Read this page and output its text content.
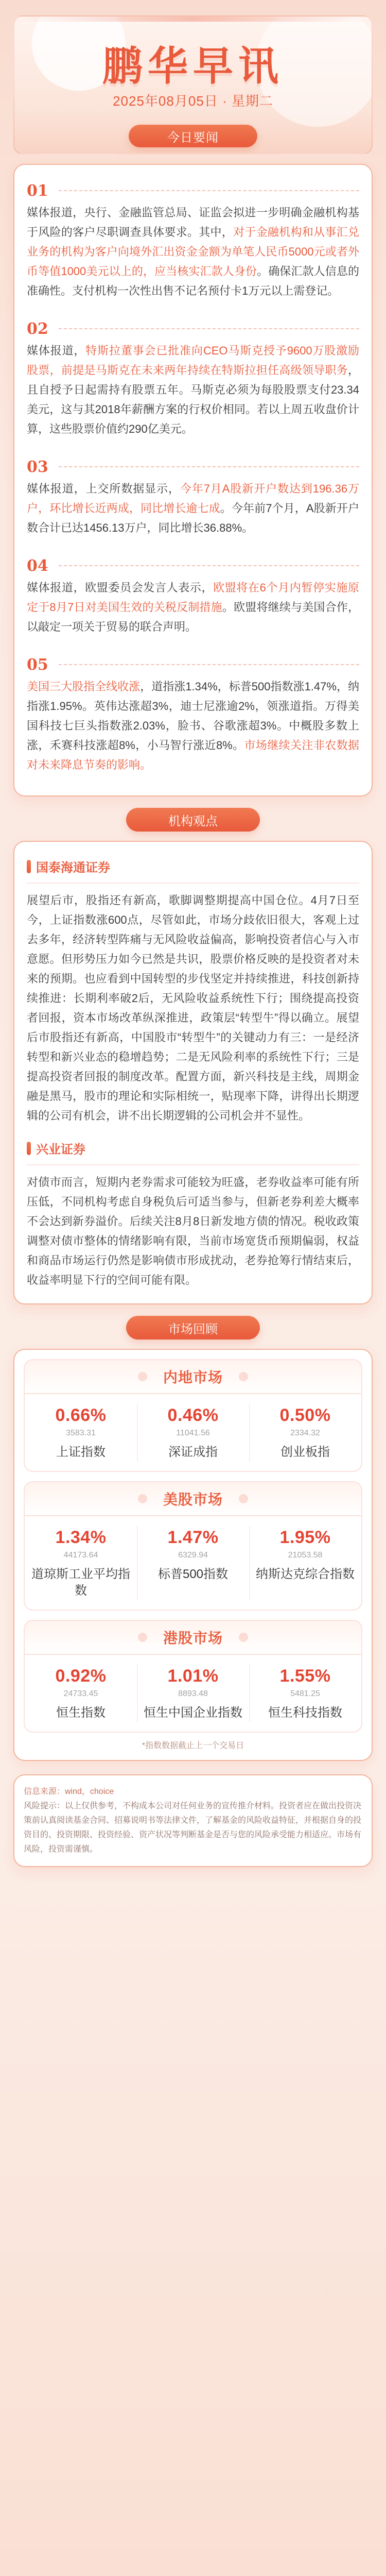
鹏华早讯
2025年08月05日 · 星期二
今日要闻
01
媒体报道，央行、金融监管总局、证监会拟进一步明确金融机构基于风险的客户尽职调查具体要求。其中，对于金融机构和从事汇兑业务的机构为客户向境外汇出资金金额为单笔人民币5000元或者外币等值1000美元以上的，应当核实汇款人身份。确保汇款人信息的准确性。支付机构一次性出售不记名预付卡1万元以上需登记。
02
媒体报道，特斯拉董事会已批准向CEO马斯克授予9600万股激励股票，前提是马斯克在未来两年持续在特斯拉担任高级领导职务，且自授予日起需持有股票五年。马斯克必须为每股股票支付23.34美元，这与其2018年薪酬方案的行权价相同。若以上周五收盘价计算，这些股票价值约290亿美元。
03
媒体报道，上交所数据显示，今年7月A股新开户数达到196.36万户，环比增长近两成，同比增长逾七成。今年前7个月，A股新开户数合计已达1456.13万户，同比增长36.88%。
04
媒体报道，欧盟委员会发言人表示，欧盟将在6个月内暂停实施原定于8月7日对美国生效的关税反制措施。欧盟将继续与美国合作，以敲定一项关于贸易的联合声明。
05
美国三大股指全线收涨，道指涨1.34%，标普500指数涨1.47%，纳指涨1.95%。英伟达涨超3%，迪士尼涨逾2%，领涨道指。万得美国科技七巨头指数涨2.03%，脸书、谷歌涨超3%。中概股多数上涨，禾赛科技涨超8%，小马智行涨近8%。市场继续关注非农数据对未来降息节奏的影响。
机构观点
国泰海通证券
展望后市，股指还有新高，歌脚调整期提高中国仓位。4月7日至今，上证指数涨600点，尽管如此，市场分歧依旧很大，客观上过去多年，经济转型阵痛与无风险收益偏高，影响投资者信心与入市意愿。但形势压力如今已然是共识，股票价格反映的是投资者对未来的预期。也应看到中国转型的步伐坚定并持续推进，科技创新持续推进：长期利率破2后，无风险收益系统性下行；围绕提高投资者回报，资本市场改革纵深推进，政策层“转型牛”得以确立。展望后市股指还有新高，中国股市“转型牛”的关键动力有三：一是经济转型和新兴业态的稳增趋势；二是无风险利率的系统性下行；三是提高投资者回报的制度改革。配置方面，新兴科技是主线，周期金融是黑马，股市的理论和实际相统一，贴现率下降，讲得出长期逻辑的公司有机会，讲不出长期逻辑的公司机会并不显性。
兴业证券
对债市而言，短期内老券需求可能较为旺盛，老券收益率可能有所压低，不同机构考虑自身税负后可适当参与，但新老券利差大概率不会达到新券溢价。后续关注8月8日新发地方债的情况。税收政策调整对债市整体的情绪影响有限，当前市场宽货币预期偏弱，权益和商品市场运行仍然是影响债市形成扰动，老券抢筹行情结束后，收益率明显下行的空间可能有限。
市场回顾
内地市场
0.66%
3583.31
上证指数
0.46%
11041.56
深证成指
0.50%
2334.32
创业板指
美股市场
1.34%
44173.64
道琼斯工业平均指数
1.47%
6329.94
标普500指数
1.95%
21053.58
纳斯达克综合指数
港股市场
0.92%
24733.45
恒生指数
1.01%
8893.48
恒生中国企业指数
1.55%
5481.25
恒生科技指数
*指数数据截止上一个交易日
信息来源：wind，choice
风险提示：以上仅供参考，不构成本公司对任何业务的宣传推介材料。投资者应在做出投资决策前认真阅读基金合同、招募说明书等法律文件，了解基金的风险收益特征，并根据自身的投资目的、投资期限、投资经验、资产状况等判断基金是否与您的风险承受能力相适应。市场有风险，投资需谨慎。
